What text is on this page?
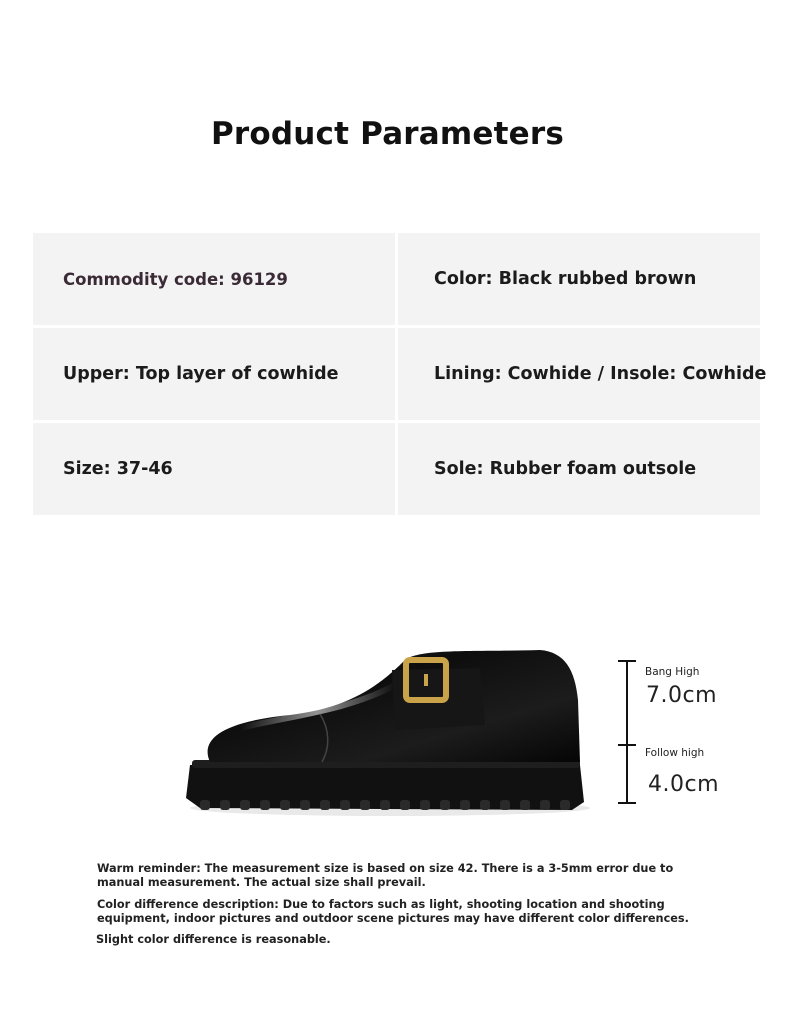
Product Parameters
Commodity code: 96129	Color: Black rubbed brown
Upper: Top layer of cowhide	Lining: Cowhide / Insole: Cowhide
Size: 37-46	Sole: Rubber foam outsole
Bang High
7.0cm
Follow high
4.0cm
Warm reminder: The measurement size is based on size 42. There is a 3-5mm error due to manual measurement. The actual size shall prevail.
Color difference description: Due to factors such as light, shooting location and shooting equipment, indoor pictures and outdoor scene pictures may have different color differences.
Slight color difference is reasonable.
